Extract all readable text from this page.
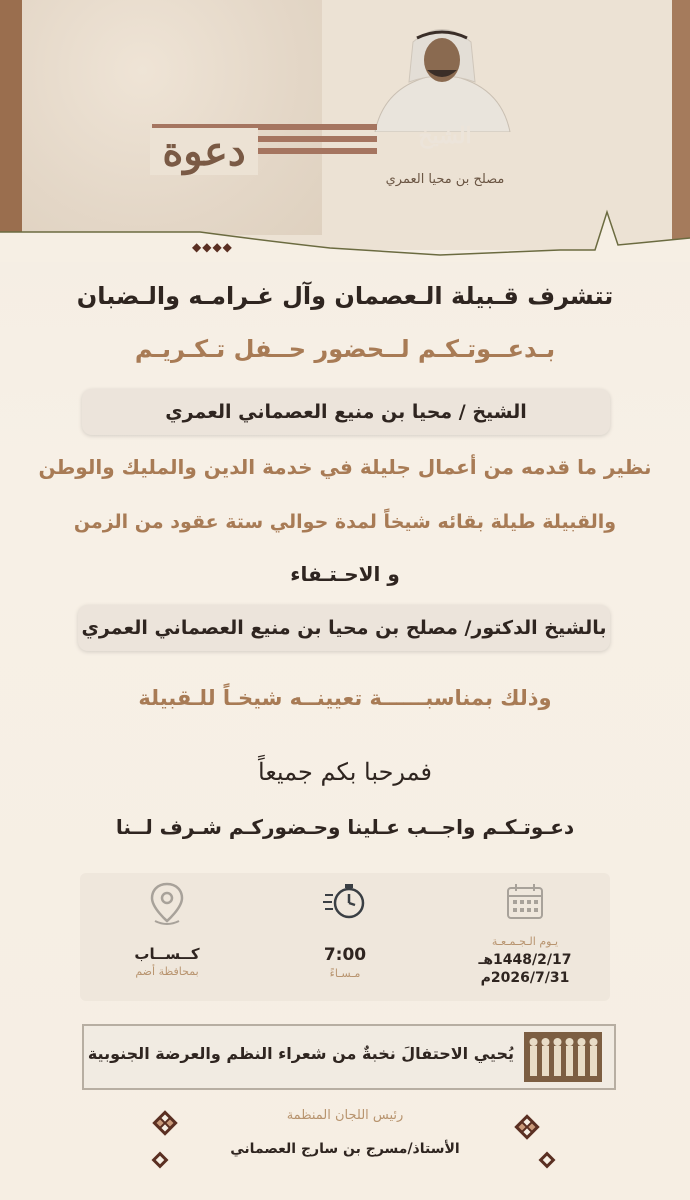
الشيخ
مصلح بن محيا العمري
دعوة
◆◆◆◆
تتشرف قـبيلة الـعصمان وآل غـرامـه والـضبان
بـدعــوتـكـم لــحضور حــفل تـكـريـم
الشيخ / محيا بن منيع العصماني العمري
نظير ما قدمه من أعمال جليلة في خدمة الدين والمليك والوطن
والقبيلة طيلة بقائه شيخاً لمدة حوالي ستة عقود من الزمن
و الاحـتـفاء
بالشيخ الدكتور/ مصلح بن محيا بن منيع العصماني العمري
وذلك بمناسبــــــة تعيينــه شيخـاً للـقبيلة
فمرحبا بكم جميعاً
دعـوتـكـم واجــب عـلينا وحـضوركـم شـرف لــنا
يـوم الـجـمـعـة
1448/2/17هـ
2026/7/31م
7:00
مـسـاءً
كــســاب
بمحافظة أضم
يُحيي الاحتفالَ نخبةٌ من شعراء النظم والعرضة الجنوبية
رئيس اللجان المنظمة
الأستاذ/مسرج بن سارج العصماني
